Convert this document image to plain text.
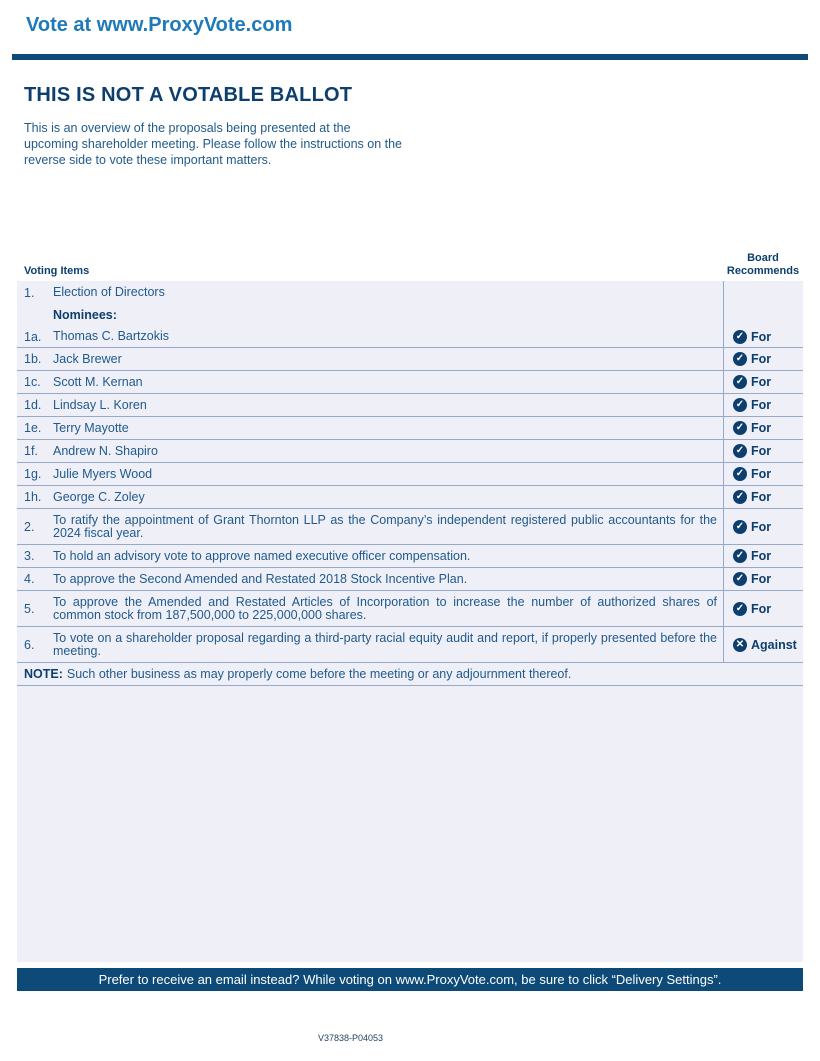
Vote at www.ProxyVote.com
THIS IS NOT A VOTABLE BALLOT

This is an overview of the proposals being presented at the upcoming shareholder meeting. Please follow the instructions on the reverse side to vote these important matters.

Voting Items
Board
Recommends
1.	Election of Directors
Nominees:
1a. Thomas C. Bartzokis	✓ For
1b. Jack Brewer	✓ For
1c. Scott M. Kernan	✓ For
1d. Lindsay L. Koren	✓ For
1e. Terry Mayotte	✓ For
1f.	Andrew N. Shapiro	✓ For
1g. Julie Myers Wood	✓ For
1h. George C. Zoley	✓ For
2.	To ratify the appointment of Grant Thornton LLP as the Company’s independent registered public accountants for the 2024 fiscal year.	✓ For
3.	To hold an advisory vote to approve named executive officer compensation.	✓ For
4.	To approve the Second Amended and Restated 2018 Stock Incentive Plan.	✓ For
5.	To approve the Amended and Restated Articles of Incorporation to increase the number of authorized shares of common stock from 187,500,000 to 225,000,000 shares.	✓ For
6.	To vote on a shareholder proposal regarding a third-party racial equity audit and report, if properly presented before the meeting.	✕ Against
NOTE: Such other business as may properly come before the meeting or any adjournment thereof.
Prefer to receive an email instead? While voting on www.ProxyVote.com, be sure to click “Delivery Settings”.
V37838-P04053
